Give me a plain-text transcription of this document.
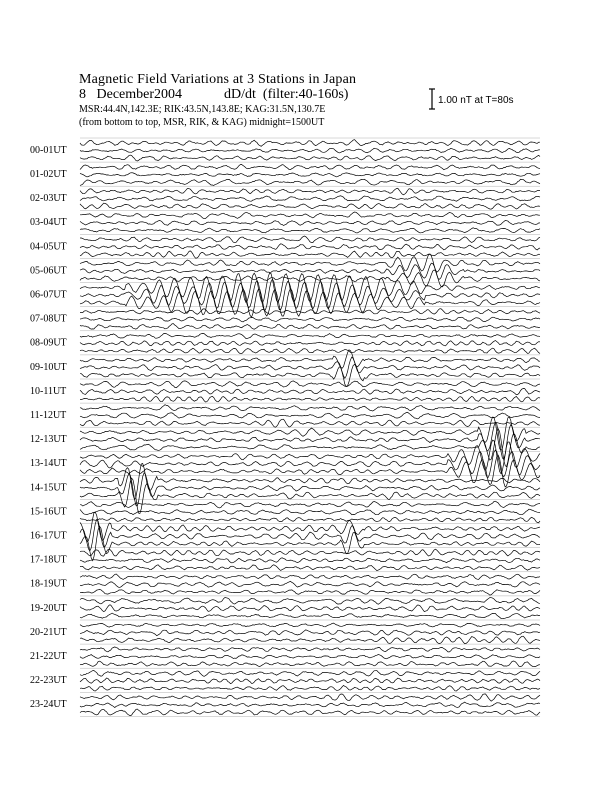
Magnetic Field Variations at 3 Stations in Japan
8 December2004	dD/dt (filter:40-160s)
MSR:44.4N,142.3E; RIK:43.5N,143.8E; KAG:31.5N,130.7E
(from bottom to top, MSR, RIK, & KAG) midnight=1500UT
1.00 nT at T=80s
00-01UT
01-02UT
02-03UT
03-04UT
04-05UT
05-06UT
06-07UT
07-08UT
08-09UT
09-10UT
10-11UT
11-12UT
12-13UT
13-14UT
14-15UT
15-16UT
16-17UT
17-18UT
18-19UT
19-20UT
20-21UT
21-22UT
22-23UT
23-24UT
